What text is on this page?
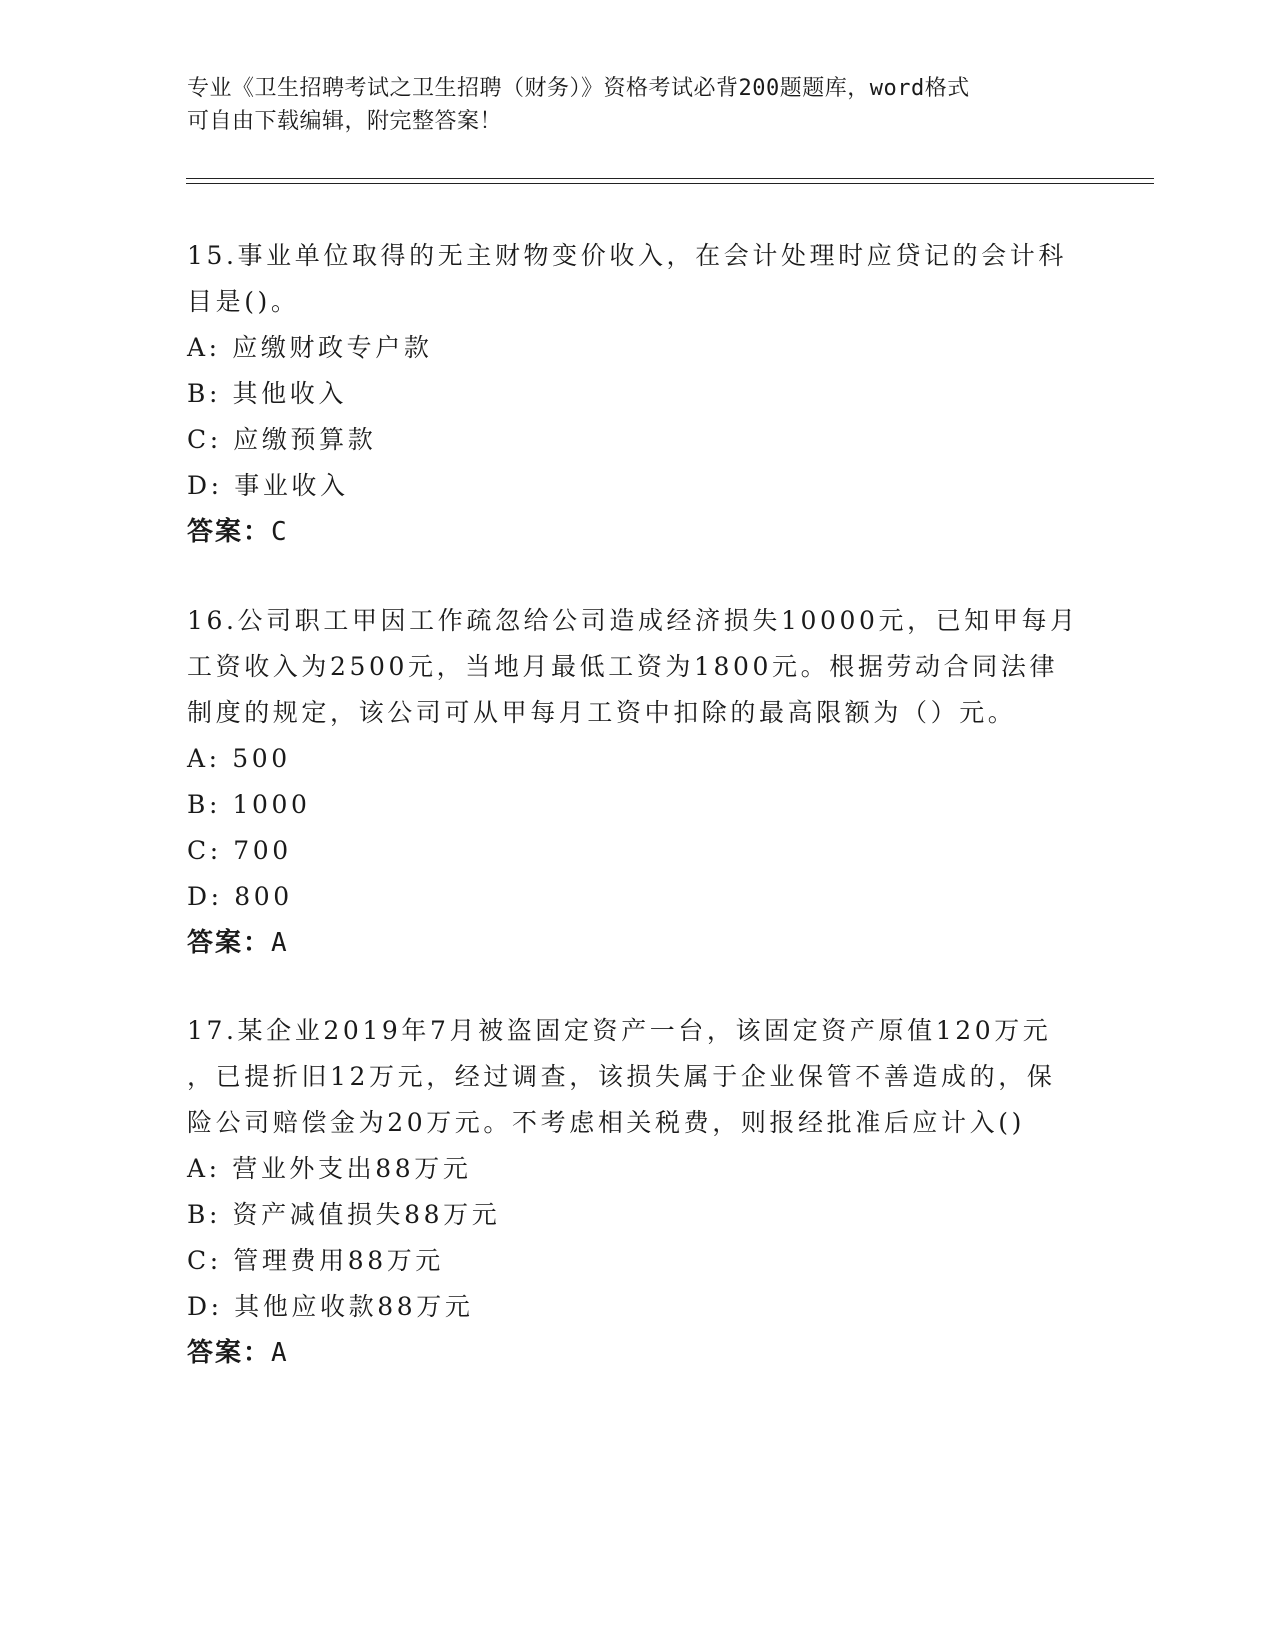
专业《卫生招聘考试之卫生招聘（财务）》资格考试必背200题题库，word格式
可自由下载编辑，附完整答案！
15.事业单位取得的无主财物变价收入，在会计处理时应贷记的会计科
目是()。
A: 应缴财政专户款
B: 其他收入
C: 应缴预算款
D: 事业收入
答案：C
16.公司职工甲因工作疏忽给公司造成经济损失10000元，已知甲每月
工资收入为2500元，当地月最低工资为1800元。根据劳动合同法律
制度的规定，该公司可从甲每月工资中扣除的最高限额为（）元。
A: 500
B: 1000
C: 700
D: 800
答案：A
17.某企业2019年7月被盗固定资产一台，该固定资产原值120万元
，已提折旧12万元，经过调查，该损失属于企业保管不善造成的，保
险公司赔偿金为20万元。不考虑相关税费，则报经批准后应计入()
A: 营业外支出88万元
B: 资产减值损失88万元
C: 管理费用88万元
D: 其他应收款88万元
答案：A
